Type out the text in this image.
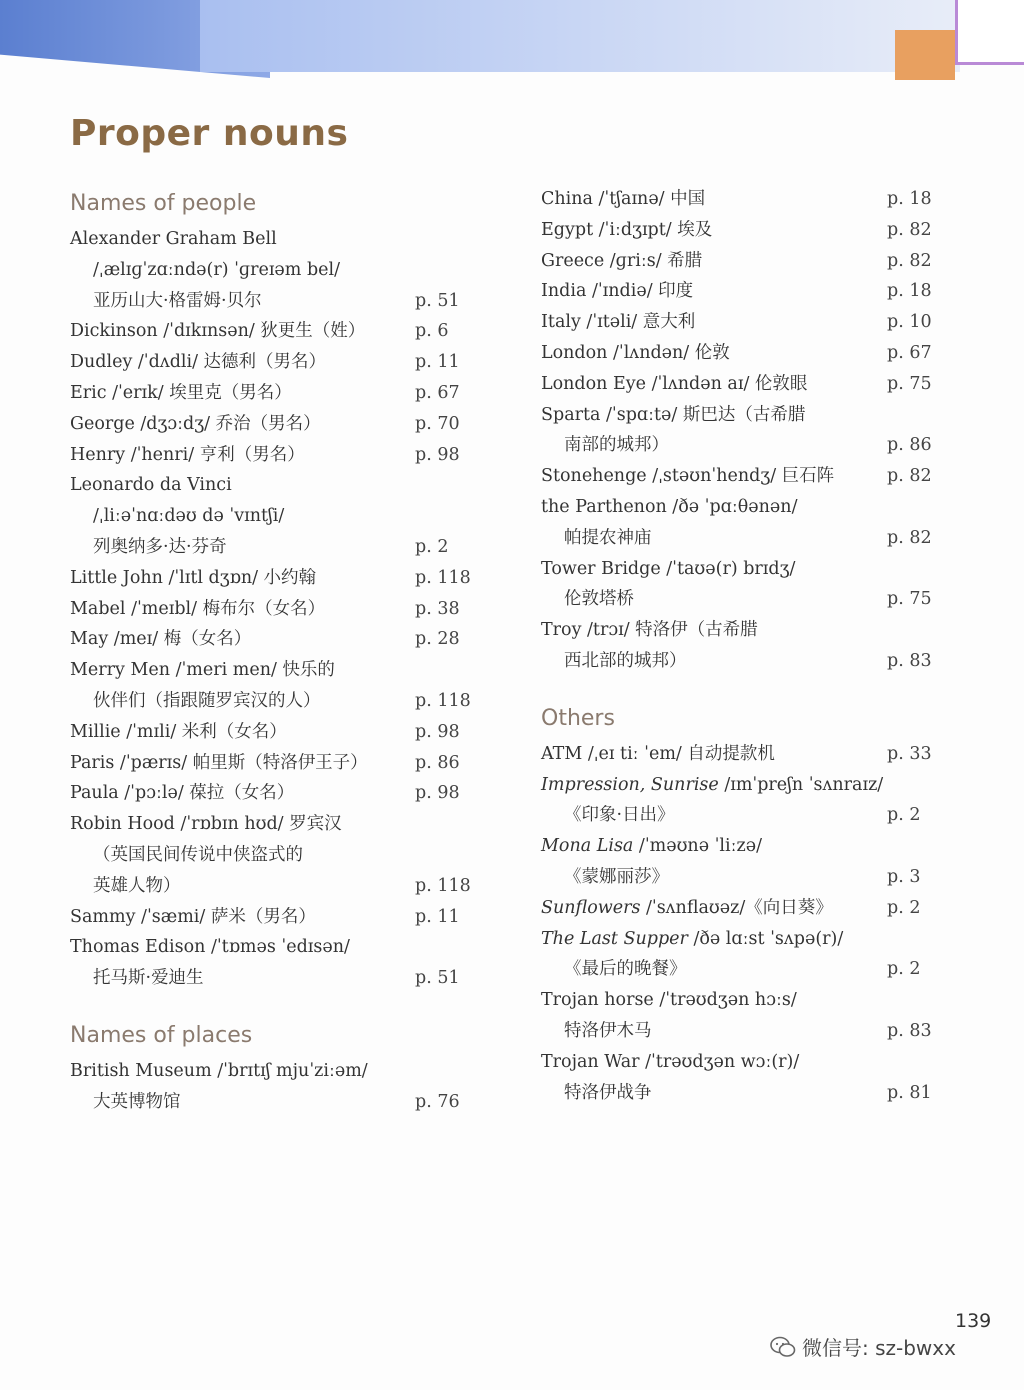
Proper nouns
Names of people
Alexander Graham Bell
/ˌælɪɡˈzɑːndə(r) ˈɡreɪəm bel/
亚历山大·格雷姆·贝尔	p. 51
Dickinson /ˈdɪkɪnsən/ 狄更生（姓）	p. 6
Dudley /ˈdʌdli/ 达德利（男名）	p. 11
Eric /ˈerɪk/ 埃里克（男名）	p. 67
George /dʒɔːdʒ/ 乔治（男名）	p. 70
Henry /ˈhenri/ 亨利（男名）	p. 98
Leonardo da Vinci
/ˌliːəˈnɑːdəʊ də ˈvɪntʃi/
列奥纳多·达·芬奇	p. 2
Little John /ˈlɪtl dʒɒn/ 小约翰	p. 118
Mabel /ˈmeɪbl/ 梅布尔（女名）	p. 38
May /meɪ/ 梅（女名）	p. 28
Merry Men /ˈmeri men/ 快乐的
伙伴们（指跟随罗宾汉的人）	p. 118
Millie /ˈmɪli/ 米利（女名）	p. 98
Paris /ˈpærɪs/ 帕里斯（特洛伊王子）	p. 86
Paula /ˈpɔːlə/ 葆拉（女名）	p. 98
Robin Hood /ˈrɒbɪn hʊd/ 罗宾汉
（英国民间传说中侠盗式的
英雄人物）	p. 118
Sammy /ˈsæmi/ 萨米（男名）	p. 11
Thomas Edison /ˈtɒməs ˈedɪsən/
托马斯·爱迪生	p. 51
Names of places
British Museum /ˈbrɪtɪʃ mjuˈziːəm/
大英博物馆	p. 76
China /ˈtʃaɪnə/ 中国	p. 18
Egypt /ˈiːdʒɪpt/ 埃及	p. 82
Greece /ɡriːs/ 希腊	p. 82
India /ˈɪndiə/ 印度	p. 18
Italy /ˈɪtəli/ 意大利	p. 10
London /ˈlʌndən/ 伦敦	p. 67
London Eye /ˈlʌndən aɪ/ 伦敦眼	p. 75
Sparta /ˈspɑːtə/ 斯巴达（古希腊
南部的城邦）	p. 86
Stonehenge /ˌstəʊnˈhendʒ/ 巨石阵	p. 82
the Parthenon /ðə ˈpɑːθənən/
帕提农神庙	p. 82
Tower Bridge /ˈtaʊə(r) brɪdʒ/
伦敦塔桥	p. 75
Troy /trɔɪ/ 特洛伊（古希腊
西北部的城邦）	p. 83
Others
ATM /ˌeɪ tiː ˈem/ 自动提款机	p. 33
Impression, Sunrise /ɪmˈpreʃn ˈsʌnraɪz/
《印象·日出》	p. 2
Mona Lisa /ˈməʊnə ˈliːzə/
《蒙娜丽莎》	p. 3
Sunflowers /ˈsʌnflaʊəz/《向日葵》	p. 2
The Last Supper /ðə lɑːst ˈsʌpə(r)/
《最后的晚餐》	p. 2
Trojan horse /ˈtrəʊdʒən hɔːs/
特洛伊木马	p. 83
Trojan War /ˈtrəʊdʒən wɔː(r)/
特洛伊战争	p. 81
139
微信号: sz-bwxx
